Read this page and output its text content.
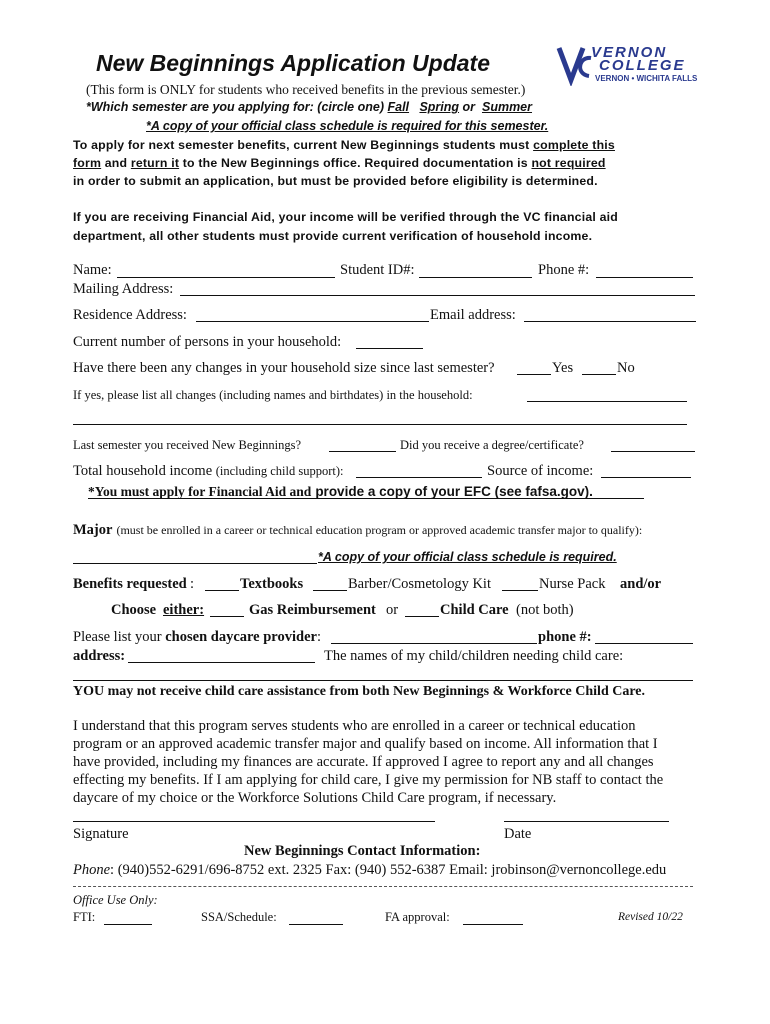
New Beginnings Application Update	VERNON
COLLEGE
VERNON • WICHITA FALLS
(This form is ONLY for students who received benefits in the previous semester.)
*Which semester are you applying for: (circle one) Fall Spring or Summer
*A copy of your official class schedule is required for this semester.
To apply for next semester benefits, current New Beginnings students must complete this
form and return it to the New Beginnings office. Required documentation is not required
in order to submit an application, but must be provided before eligibility is determined.
If you are receiving Financial Aid, your income will be verified through the VC financial aid
department, all other students must provide current verification of household income.
Name:	Student ID#:	Phone #:
Mailing Address:
Residence Address:	Email address:
Current number of persons in your household:
Have there been any changes in your household size since last semester?	Yes	No
If yes, please list all changes (including names and birthdates) in the household:
Last semester you received New Beginnings?	Did you receive a degree/certificate?
Total household income (including child support):	Source of income:
*You must apply for Financial Aid and provide a copy of your EFC (see fafsa.gov).
Major (must be enrolled in a career or technical education program or approved academic transfer major to qualify):
*A copy of your official class schedule is required.
Benefits requested :	Textbooks	Barber/Cosmetology Kit	Nurse Pack and/or
Choose either:	Gas Reimbursement or	Child Care (not both)
Please list your chosen daycare provider:	phone #:
address:	The names of my child/children needing child care:
YOU may not receive child care assistance from both New Beginnings & Workforce Child Care.
I understand that this program serves students who are enrolled in a career or technical education
program or an approved academic transfer major and qualify based on income. All information that I
have provided, including my finances are accurate. If approved I agree to report any and all changes
effecting my benefits. If I am applying for child care, I give my permission for NB staff to contact the
daycare of my choice or the Workforce Solutions Child Care program, if necessary.
Signature	Date
New Beginnings Contact Information:
Phone: (940)552-6291/696-8752 ext. 2325 Fax: (940) 552-6387 Email: jrobinson@vernoncollege.edu
Office Use Only:
FTI:	SSA/Schedule:	FA approval:	Revised 10/22
